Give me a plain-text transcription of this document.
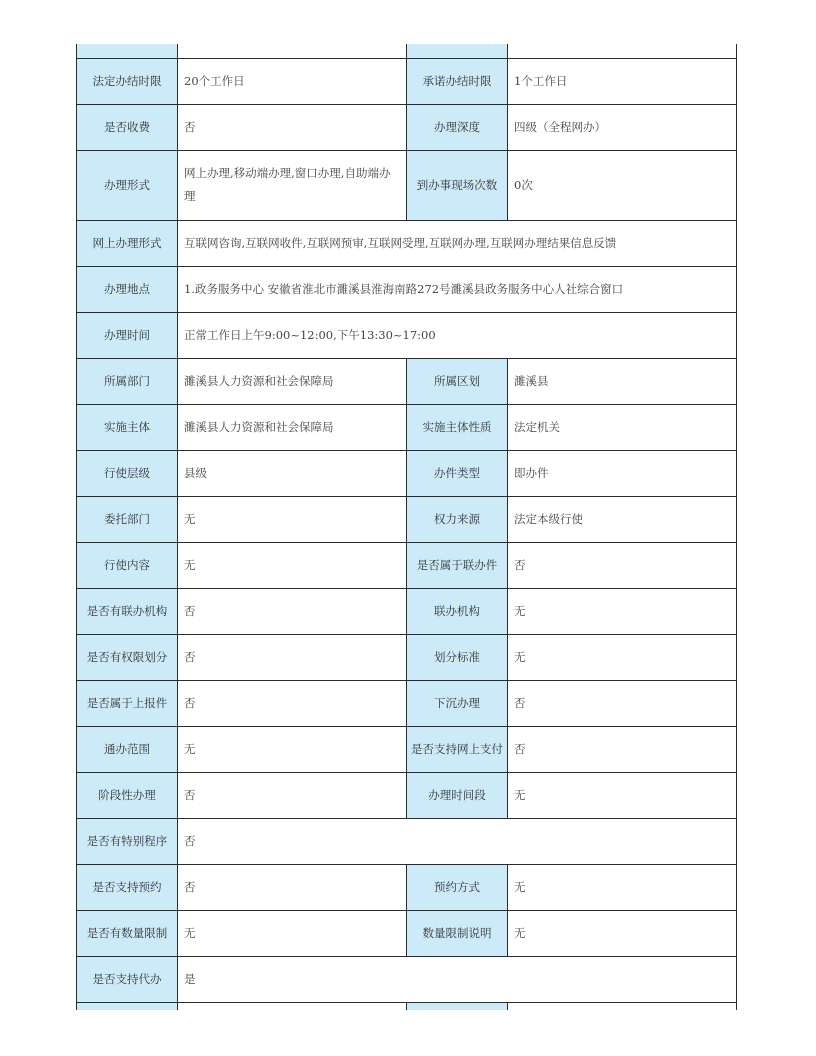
法定办结时限	20个工作日	承诺办结时限	1个工作日
是否收费	否	办理深度	四级（全程网办）
办理形式	网上办理,移动端办理,窗口办理,自助端办理	到办事现场次数	0次
网上办理形式	互联网咨询,互联网收件,互联网预审,互联网受理,互联网办理,互联网办理结果信息反馈		
办理地点	1.政务服务中心 安徽省淮北市濉溪县淮海南路272号濉溪县政务服务中心人社综合窗口		
办理时间	正常工作日上午9:00~12:00,下午13:30~17:00		
所属部门	濉溪县人力资源和社会保障局	所属区划	濉溪县
实施主体	濉溪县人力资源和社会保障局	实施主体性质	法定机关
行使层级	县级	办件类型	即办件
委托部门	无	权力来源	法定本级行使
行使内容	无	是否属于联办件	否
是否有联办机构	否	联办机构	无
是否有权限划分	否	划分标准	无
是否属于上报件	否	下沉办理	否
通办范围	无	是否支持网上支付	否
阶段性办理	否	办理时间段	无
是否有特别程序	否		
是否支持预约	否	预约方式	无
是否有数量限制	无	数量限制说明	无
是否支持代办	是		
